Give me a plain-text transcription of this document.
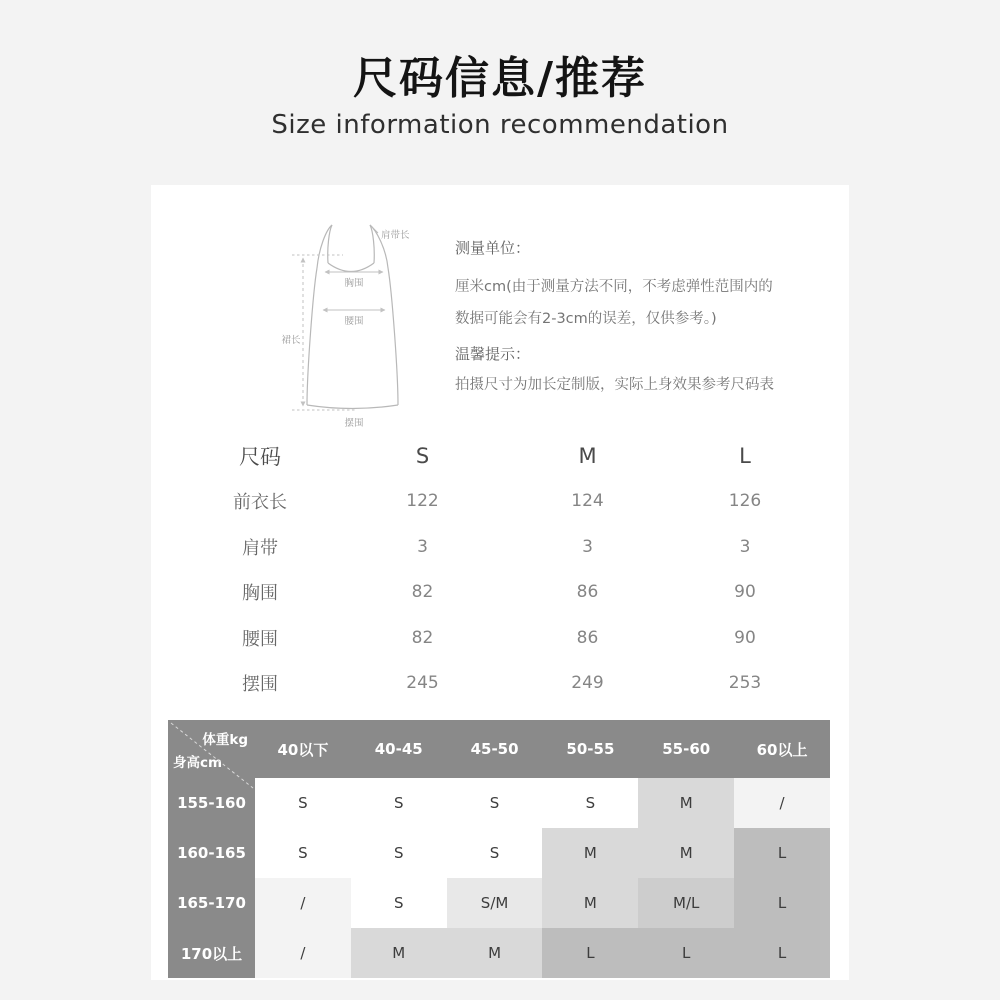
尺码信息/推荐
Size information recommendation
肩带长
胸围
腰围
裙长
摆围
测量单位：
厘米cm(由于测量方法不同，不考虑弹性范围内的
数据可能会有2-3cm的误差，仅供参考。)
温馨提示：
拍摄尺寸为加长定制版，实际上身效果参考尺码表
尺码	S	M	L
前衣长	122	124	126
肩带	3	3	3
胸围	82	86	90
腰围	82	86	90
摆围	245	249	253
体重kg
身高cm
40以下	40-45	45-50	50-55	55-60	60以上
155-160	S	S	S	S	M	/
160-165	S	S	S	M	M	L
165-170	/	S	S/M	M	M/L	L
170以上	/	M	M	L	L	L
